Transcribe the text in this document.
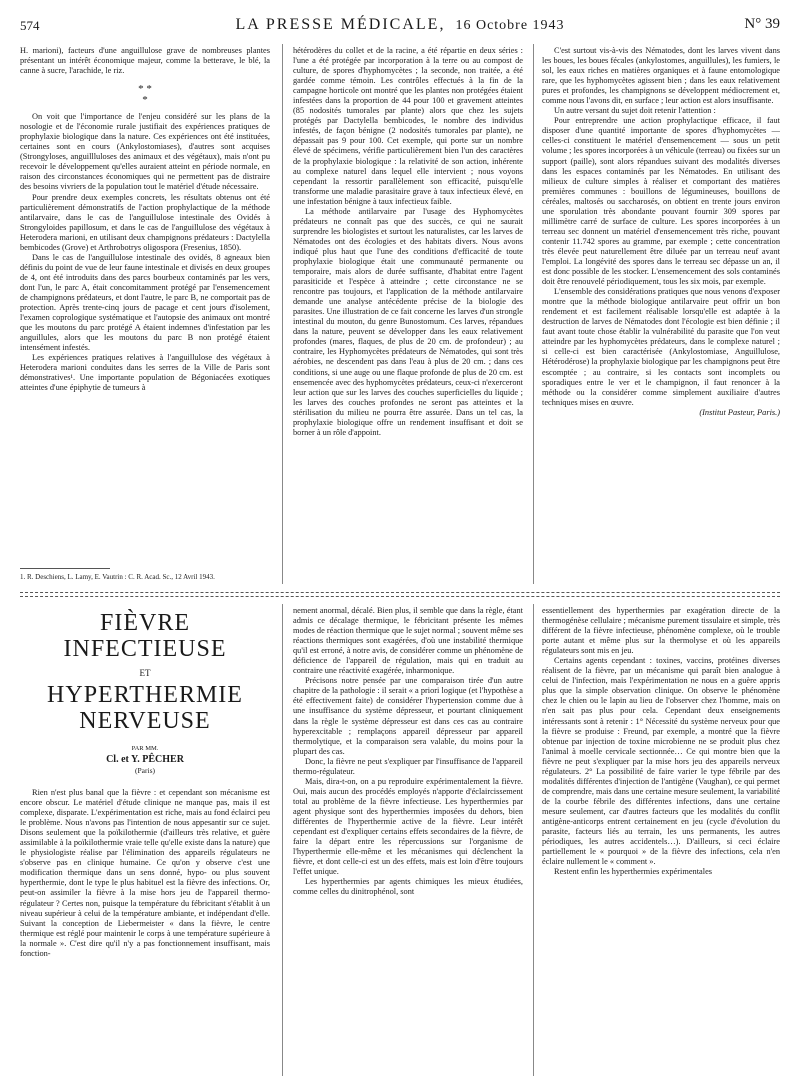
574	LA PRESSE MÉDICALE, 16 Octobre 1943	N° 39

H. marioni), facteurs d'une anguillulose grave de nombreuses plantes présentant un intérêt économique majeur, comme la betterave, le blé, la canne à sucre, l'arachide, le riz.

* *
*

On voit que l'importance de l'enjeu considéré sur les plans de la nosologie et de l'économie rurale justifiait des expériences pratiques de prophylaxie biologique dans la nature. Ces expériences ont été instituées, certaines sont en cours (Ankylostomiases), d'autres sont acquises (Strongyloses, anguillluloses des animaux et des végétaux), mais n'ont pu recevoir le développement qu'elles auraient atteint en période normale, en raison des circonstances économiques qui ne permettent pas de distraire des besoins vivriers de la population tout le matériel d'étude nécessaire.

Pour prendre deux exemples concrets, les résultats obtenus ont été particulièrement démonstratifs de l'action prophylactique de la méthode antilarvaire, dans le cas de l'anguillulose intestinale des Ovidés à Strongyloides papillosum, et dans le cas de l'anguillulose des végétaux à Heterodera marioni, en utilisant deux champignons prédateurs : Dactylella bembicodes (Grove) et Arthrobotrys oligospora (Fresenius, 1850).

Dans le cas de l'anguillulose intestinale des ovidés, 8 agneaux bien définis du point de vue de leur faune intestinale et divisés en deux groupes de 4, ont été introduits dans des parcs bourbeux contaminés par les vers, dont l'un, le parc A, était concomitamment protégé par l'ensemencement de champignons prédateurs, et dont l'autre, le parc B, ne comportait pas de protection. Après trente-cinq jours de pacage et cent jours d'isolement, l'examen coprologique systématique et l'autopsie des animaux ont montré que les moutons du parc protégé A étaient indemnes d'infestation par les anguillules, alors que les moutons du parc B non protégé étaient intensément infestés.

Les expériences pratiques relatives à l'anguillulose des végétaux à Heterodera marioni conduites dans les serres de la Ville de Paris sont démonstratives¹. Une importante population de Bégoniacées exotiques atteintes d'une épiphytie de tumeurs à

1. R. Deschiens, L. Lamy, E. Vautrin : C. R. Acad. Sc., 12 Avril 1943.

hétérodères du collet et de la racine, a été répartie en deux séries : l'une a été protégée par incorporation à la terre ou au compost de culture, de spores d'hyphomycètes ; la seconde, non traitée, a été gardée comme témoin. Les contrôles effectués à la fin de la campagne horticole ont montré que les plantes non protégées étaient infestées dans la proportion de 44 pour 100 et gravement atteintes (85 nodosités tumorales par plante) alors que chez les sujets protégés par Dactylella bembicodes, le nombre des individus infestés, de façon bénigne (2 nodosités tumorales par plante), ne dépassait pas 9 pour 100. Cet exemple, qui porte sur un nombre élevé de spécimens, vérifie particulièrement bien l'un des caractères de la prophylaxie biologique : la relativité de son action, inhérente au complexe naturel dans lequel elle intervient ; nous voyons cependant la ressortir parallèlement son efficacité, puisqu'elle transforme une maladie parasitaire grave à taux infectieux élevé, en une infestation bénigne à taux infectieux faible.

La méthode antilarvaire par l'usage des Hyphomycètes prédateurs ne connaît pas que des succès, ce qui ne saurait surprendre les biologistes et surtout les naturalistes, car les larves de Nématodes ont des écologies et des habitats divers. Nous avons indiqué plus haut que l'une des conditions d'efficacité de toute prophylaxie biologique était une communauté permanente ou temporaire, mais alors de durée suffisante, d'habitat entre l'agent parasiticide et l'espèce à atteindre ; cette circonstance ne se rencontre pas toujours, et l'application de la méthode antilarvaire demande une analyse antécédente précise de la biologie des parasites. Une illustration de ce fait concerne les larves d'un strongle intestinal du mouton, du genre Bunostomum. Ces larves, répandues dans la nature, peuvent se développer dans les eaux relativement profondes (mares, flaques, de plus de 20 cm. de profondeur) ; au contraire, les Hyphomycètes prédateurs de Nématodes, qui sont très aérobies, ne descendent pas dans l'eau à plus de 20 cm. ; dans ces conditions, si une auge ou une flaque profonde de plus de 20 cm. est ensemencée avec des hyphomycètes prédateurs, ceux-ci n'exerceront leur action que sur les larves des couches superficielles du liquide ; les larves des couches profondes ne seront pas atteintes et la stérilisation du milieu ne pourra être assurée. Dans un tel cas, la prophylaxie biologique offre un rendement insuffisant et doit se borner à un rôle d'appoint.

C'est surtout vis-à-vis des Nématodes, dont les larves vivent dans les boues, les boues fécales (ankylostomes, anguillules), les fumiers, le sol, les eaux riches en matières organiques et à faune entomologique rare, que les hyphomycètes agissent bien ; dans les eaux relativement pures et profondes, les champignons se développent médiocrement et, comme nous l'avons dit, en surface ; leur action est alors insuffisante.

Un autre versant du sujet doit retenir l'attention :

Pour entreprendre une action prophylactique efficace, il faut disposer d'une quantité importante de spores d'hyphomycètes — celles-ci constituent le matériel d'ensemencement — sous un petit volume ; les spores incorporées à un véhicule (terreau) ou fixées sur un support (paille), sont alors répandues suivant des modalités diverses dans les espaces contaminés par les Nématodes. En utilisant des milieux de culture simples à réaliser et comportant des matières premières communes : bouillons de légumineuses, bouillons de céréales, maltosés ou saccharosés, on obtient en trente jours environ une sporulation très abondante pouvant fournir 309 spores par millimètre carré de surface de culture. Les spores incorporées à un terreau sec donnent un matériel d'ensemencement très riche, pouvant contenir 11.742 spores au gramme, par exemple ; cette concentration très élevée peut naturellement être diluée par un terreau neuf avant l'emploi. La longévité des spores dans le terreau sec dépasse un an, il est donc possible de les stocker. L'ensemencement des sols contaminés doit être renouvelé périodiquement, tous les six mois, par exemple.

L'ensemble des considérations pratiques que nous venons d'exposer montre que la méthode biologique antilarvaire peut offrir un bon rendement et est facilement réalisable lorsqu'elle est adaptée à la destruction de larves de Nématodes dont l'écologie est bien définie ; il faut avant toute chose établir la vulnérabilité du parasite que l'on veut atteindre par les hyphomycètes prédateurs, dans le complexe naturel ; si celle-ci est bien caractérisée (Ankylostomiase, Anguillulose, Hétérodérose) la prophylaxie biologique par les champignons peut être escomptée ; au contraire, si les contacts sont incomplets ou sporadiques entre le ver et le champignon, il faut renoncer à la méthode ou la considérer comme simplement auxiliaire d'autres techniques mises en œuvre.

(Institut Pasteur, Paris.)

FIÈVRE INFECTIEUSE
ET
HYPERTHERMIE NERVEUSE
PAR MM.
Cl. et Y. PÊCHER
(Paris)

Rien n'est plus banal que la fièvre : et cependant son mécanisme est encore obscur. Le matériel d'étude clinique ne manque pas, mais il est complexe, disparate. L'expérimentation est riche, mais au fond éclairci peu le problème. Nous n'avons pas l'intention de nous appesantir sur ce sujet. Disons seulement que la poïkilothermie (d'ailleurs très relative, et guère assimilable à la poïkilothermie vraie telle qu'elle existe dans la nature) que le physiologiste réalise par l'élimination des appareils régulateurs ne s'observe pas en clinique humaine. Ce qu'on y observe c'est une modification thermique dans un sens donné, hypo- ou plus souvent hyperthermie, dont le type le plus habituel est la fièvre des infections. Or, peut-on assimiler la fièvre à la mise hors jeu de l'appareil thermo-régulateur ? Certes non, puisque la température du fébricitant s'établit à un niveau supérieur à celui de la température ambiante, et indépendant d'elle. Suivant la conception de Liebermeister « dans la fièvre, le centre thermique est réglé pour maintenir le corps à une température supérieure à la normale ». C'est dire qu'il n'y a pas fonctionnement insuffisant, mais fonction-

nement anormal, décalé. Bien plus, il semble que dans la règle, étant admis ce décalage thermique, le fébricitant présente les mêmes modes de réaction thermique que le sujet normal ; souvent même ses réactions thermiques sont exagérées, d'où une instabilité thermique qu'il est erroné, à notre avis, de considérer comme un phénomène de déficience de l'appareil de régulation, mais qui en traduit au contraire une réactivité exagérée, inharmonique.

Précisons notre pensée par une comparaison tirée d'un autre chapitre de la pathologie : il serait « a priori logique (et l'hypothèse a été effectivement faite) de considérer l'hypertension comme due à une insuffisance du système dépresseur, et pourtant cliniquement dans la règle le système dépresseur est dans ces cas au contraire hyperexcitable ; remplaçons appareil dépresseur par appareil thermolytique, et la comparaison sera valable, du moins pour la plupart des cas.

Donc, la fièvre ne peut s'expliquer par l'insuffisance de l'appareil thermo-régulateur.

Mais, dira-t-on, on a pu reproduire expérimentalement la fièvre. Oui, mais aucun des procédés employés n'apporte d'éclaircissement total au problème de la fièvre infectieuse. Les hyperthermies par agent physique sont des hyperthermies imposées du dehors, bien différentes de l'hyperthermie active de la fièvre. Leur intérêt cependant est d'expliquer certains effets secondaires de la fièvre, de faire la départ entre les répercussions sur l'organisme de l'hyperthermie elle-même et les mécanismes qui déclenchent la fièvre, et dont celle-ci est un des effets, mais est loin d'être toujours l'effet unique.

Les hyperthermies par agents chimiques les mieux étudiées, comme celles du dinitrophénol, sont

essentiellement des hyperthermies par exagération directe de la thermogénèse cellulaire ; mécanisme purement tissulaire et simple, très différent de la fièvre infectieuse, phénomène complexe, où le trouble porte autant et même plus sur la thermolyse et où les appareils régulateurs sont mis en jeu.

Certains agents cependant : toxines, vaccins, protéines diverses réalisent de la fièvre, par un mécanisme qui paraît bien analogue à celui de l'infection, mais l'expérimentation ne nous en a guère appris plus que la simple observation clinique. On observe le phénomène chez le chien ou le lapin au lieu de l'observer chez l'homme, mais on n'en sait pas plus pour cela. Cependant deux enseignements intéressants sont à retenir : 1° Nécessité du système nerveux pour que la fièvre se produise : Freund, par exemple, a montré que la fièvre obtenue par injection de toxine microbienne ne se produit plus chez l'animal à moelle cervicale sectionnée… Ce qui montre bien que la fièvre ne peut s'expliquer par la mise hors jeu des appareils nerveux régulateurs. 2° La possibilité de faire varier le type fébrile par des modalités différentes d'injection de l'antigène (Vaughan), ce qui permet de comprendre, mais dans une certaine mesure seulement, la variabilité de la courbe fébrile des différentes infections, dans une certaine mesure seulement, car d'autres facteurs que les modalités du conflit antigène-anticorps entrent certainement en jeu (cycle d'évolution du parasite, facteurs liés au terrain, les uns permanents, les autres périodiques, les autres accidentels…). D'ailleurs, si ceci éclaire partiellement le « pourquoi » de la fièvre des infections, cela n'en éclaire nullement le « comment ».

Restent enfin les hyperthermies expérimentales
